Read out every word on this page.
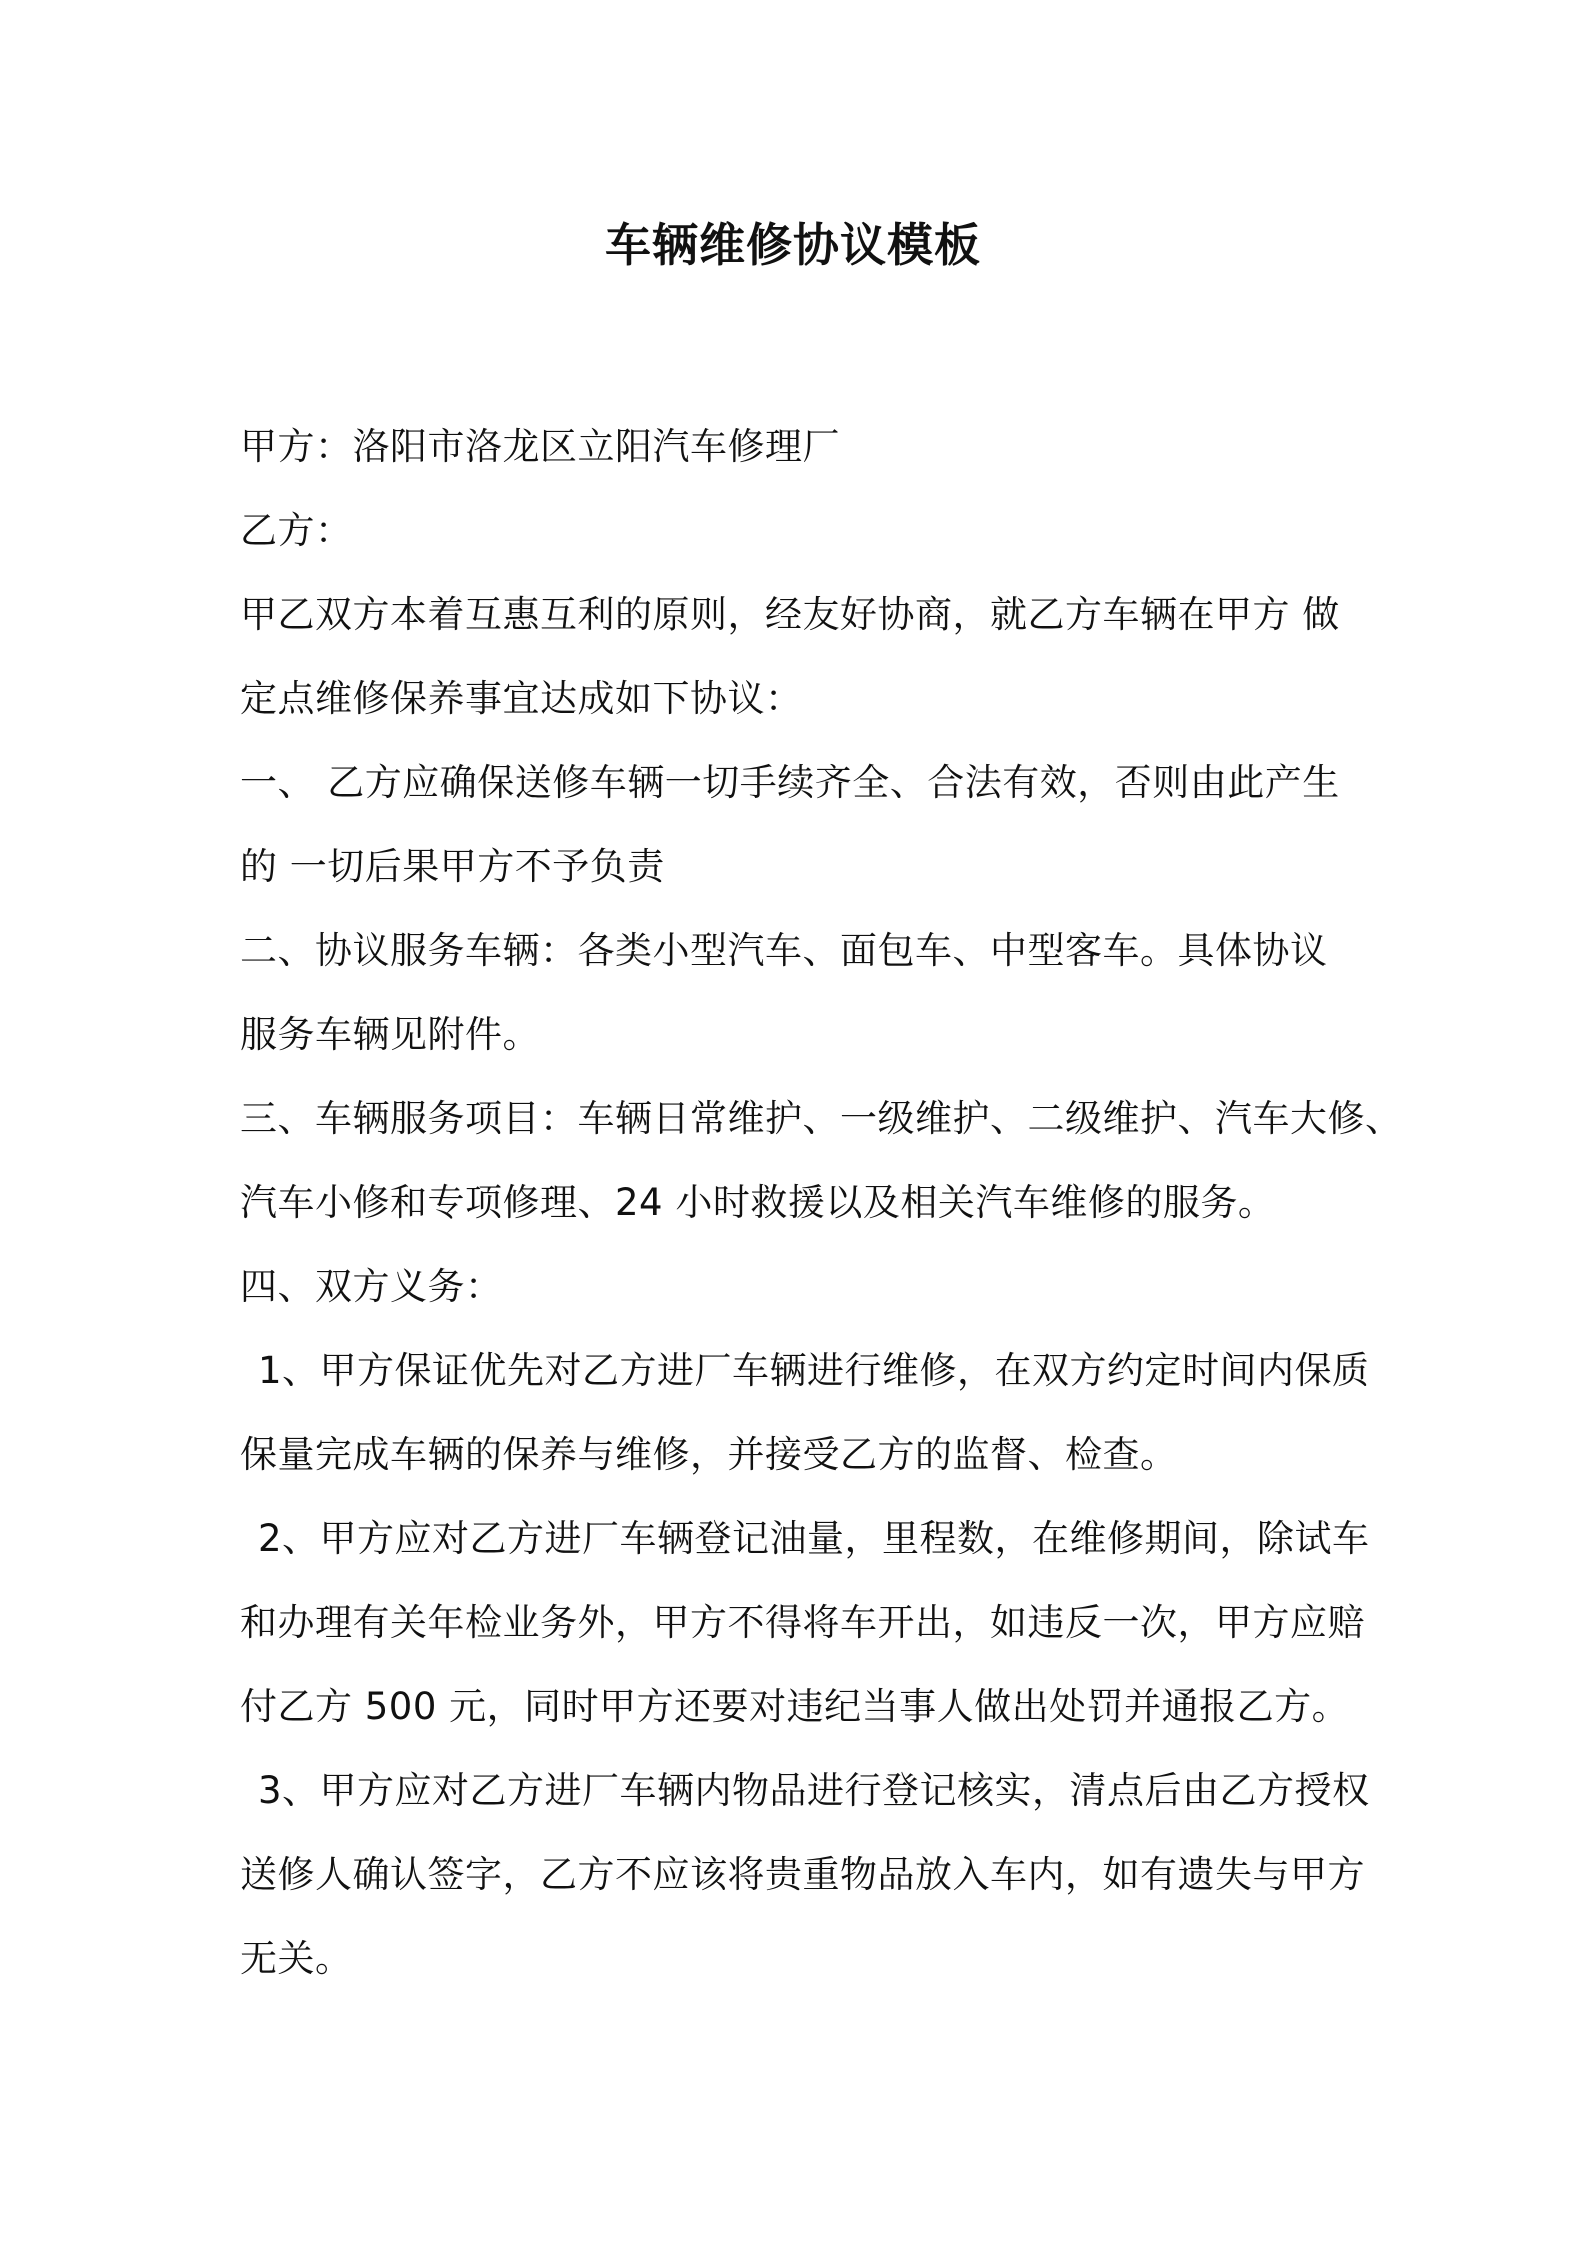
车辆维修协议模板
甲方：洛阳市洛龙区立阳汽车修理厂
乙方：
甲乙双方本着互惠互利的原则，经友好协商，就乙方车辆在甲方 做
定点维修保养事宜达成如下协议：
一、 乙方应确保送修车辆一切手续齐全、合法有效，否则由此产生
的 一切后果甲方不予负责
二、协议服务车辆：各类小型汽车、面包车、中型客车。具体协议
服务车辆见附件。
三、车辆服务项目：车辆日常维护、一级维护、二级维护、汽车大修、
汽车小修和专项修理、24 小时救援以及相关汽车维修的服务。
四、双方义务：
1、甲方保证优先对乙方进厂车辆进行维修，在双方约定时间内保质
保量完成车辆的保养与维修，并接受乙方的监督、检查。
2、甲方应对乙方进厂车辆登记油量，里程数，在维修期间，除试车
和办理有关年检业务外，甲方不得将车开出，如违反一次，甲方应赔
付乙方 500 元，同时甲方还要对违纪当事人做出处罚并通报乙方。
3、甲方应对乙方进厂车辆内物品进行登记核实，清点后由乙方授权
送修人确认签字，乙方不应该将贵重物品放入车内，如有遗失与甲方
无关。
